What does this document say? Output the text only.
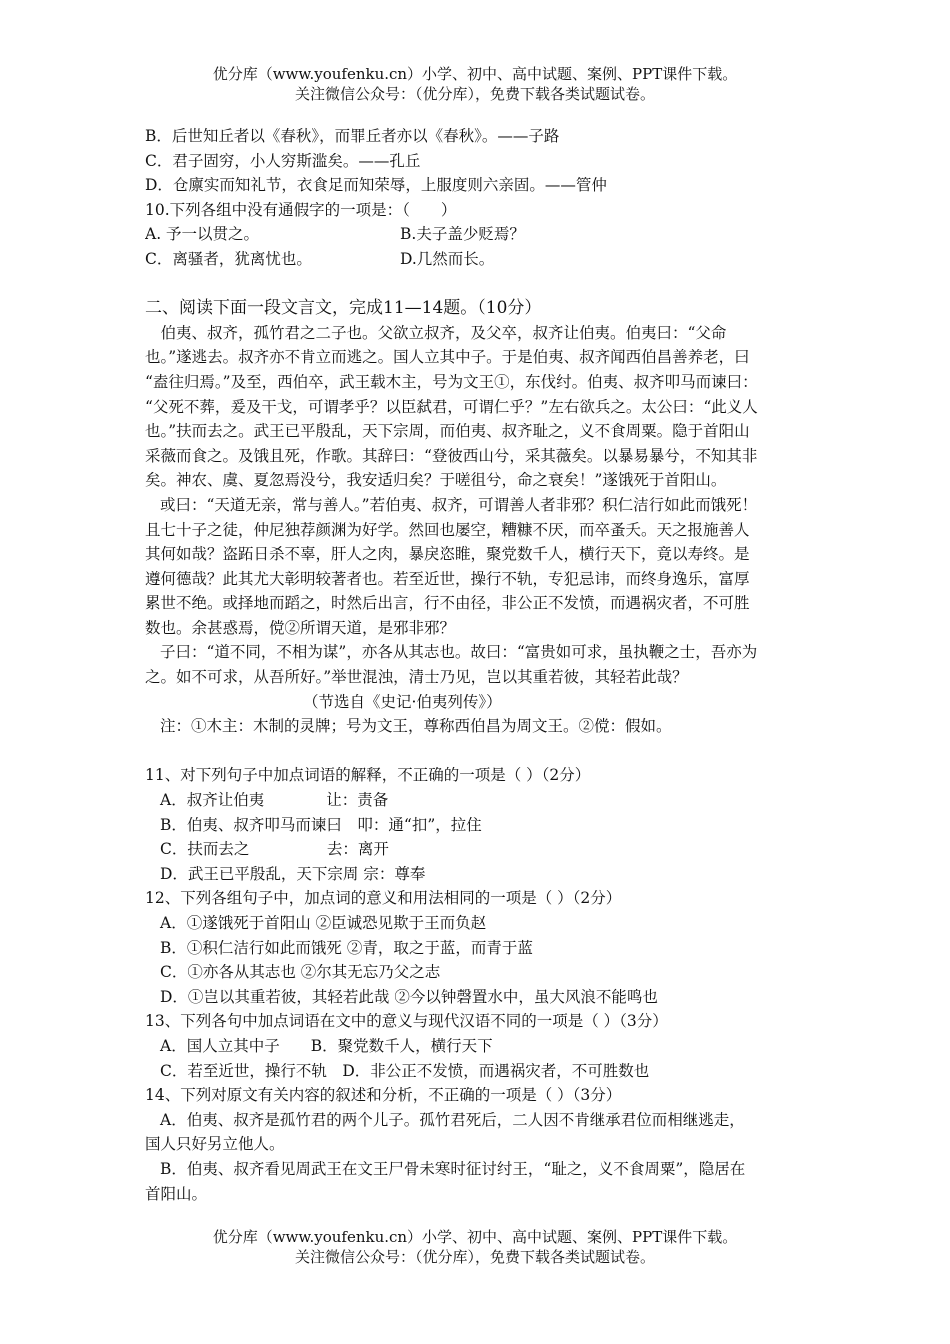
优分库（www.youfenku.cn）小学、初中、高中试题、案例、PPT课件下载。
关注微信公众号：（优分库），免费下载各类试题试卷。
B．后世知丘者以《春秋》，而罪丘者亦以《春秋》。——子路
C．君子固穷，小人穷斯滥矣。——孔丘
D．仓廪实而知礼节，衣食足而知荣辱，上服度则六亲固。——管仲
10.下列各组中没有通假字的一项是：（　　）
A. 予一以贯之。	B.夫子盖少贬焉？
C．离骚者，犹离忧也。	D.几然而长。
二、阅读下面一段文言文，完成11—14题。（10分）
　伯夷、叔齐，孤竹君之二子也。父欲立叔齐，及父卒，叔齐让伯夷。伯夷曰：“父命
也。”遂逃去。叔齐亦不肯立而逃之。国人立其中子。于是伯夷、叔齐闻西伯昌善养老，曰
“盍往归焉。”及至，西伯卒，武王载木主，号为文王①，东伐纣。伯夷、叔齐叩马而谏曰：
“父死不葬，爰及干戈，可谓孝乎？以臣弑君，可谓仁乎？”左右欲兵之。太公曰：“此义人
也。”扶而去之。武王已平殷乱，天下宗周，而伯夷、叔齐耻之，义不食周粟。隐于首阳山
采薇而食之。及饿且死，作歌。其辞曰：“登彼西山兮，采其薇矣。以暴易暴兮，不知其非
矣。神农、虞、夏忽焉没兮，我安适归矣？于嗟徂兮，命之衰矣！”遂饿死于首阳山。
或曰：“天道无亲，常与善人。”若伯夷、叔齐，可谓善人者非邪？积仁洁行如此而饿死！
且七十子之徒，仲尼独荐颜渊为好学。然回也屡空，糟糠不厌，而卒蚤夭。天之报施善人
其何如哉？盗跖日杀不辜，肝人之肉，暴戾恣睢，聚党数千人，横行天下，竟以寿终。是
遵何德哉？此其尤大彰明较著者也。若至近世，操行不轨，专犯忌讳，而终身逸乐，富厚
累世不绝。或择地而蹈之，时然后出言，行不由径，非公正不发愤，而遇祸灾者，不可胜
数也。余甚惑焉，傥②所谓天道，是邪非邪？
子曰：“道不同，不相为谋”，亦各从其志也。故曰：“富贵如可求，虽执鞭之士，吾亦为
之。如不可求，从吾所好。”举世混浊，清士乃见，岂以其重若彼，其轻若此哉？
（节选自《史记·伯夷列传》）
注：①木主：木制的灵牌；号为文王，尊称西伯昌为周文王。②傥：假如。
11、对下列句子中加点词语的解释，不正确的一项是（ ）（2分）
A．叔齐让伯夷　　　　让：责备
B．伯夷、叔齐叩马而谏曰　叩：通“扣”，拉住
C．扶而去之　　　　　去：离开
D．武王已平殷乱，天下宗周 宗：尊奉
12、下列各组句子中，加点词的意义和用法相同的一项是（ ）（2分）
A．①遂饿死于首阳山 ②臣诚恐见欺于王而负赵
B．①积仁洁行如此而饿死 ②青，取之于蓝，而青于蓝
C．①亦各从其志也 ②尔其无忘乃父之志
D．①岂以其重若彼，其轻若此哉 ②今以钟磬置水中，虽大风浪不能鸣也
13、下列各句中加点词语在文中的意义与现代汉语不同的一项是（ ）（3分）
A．国人立其中子　　B．聚党数千人，横行天下
C．若至近世，操行不轨　D．非公正不发愤，而遇祸灾者，不可胜数也
14、下列对原文有关内容的叙述和分析，不正确的一项是（ ）（3分）
A．伯夷、叔齐是孤竹君的两个儿子。孤竹君死后，二人因不肯继承君位而相继逃走，
国人只好另立他人。
B．伯夷、叔齐看见周武王在文王尸骨未寒时征讨纣王，“耻之，义不食周粟”，隐居在
首阳山。
优分库（www.youfenku.cn）小学、初中、高中试题、案例、PPT课件下载。
关注微信公众号：（优分库），免费下载各类试题试卷。
